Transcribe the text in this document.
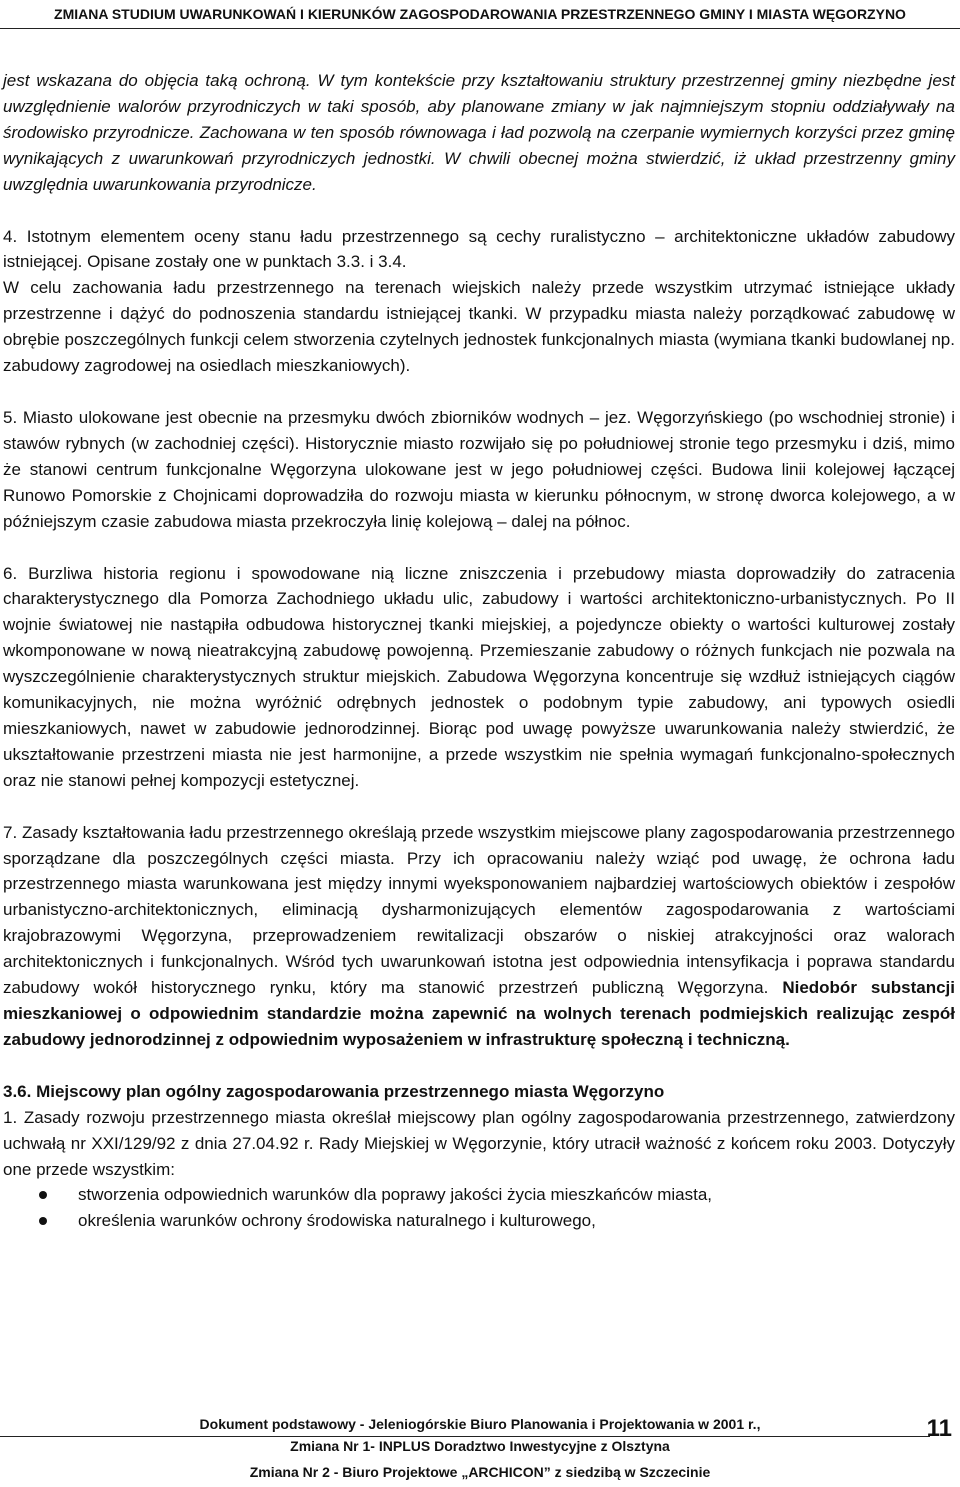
ZMIANA STUDIUM UWARUNKOWAŃ I KIERUNKÓW ZAGOSPODAROWANIA PRZESTRZENNEGO GMINY I MIASTA WĘGORZYNO

jest wskazana do objęcia taką ochroną. W tym kontekście przy kształtowaniu struktury przestrzennej gminy niezbędne jest uwzględnienie walorów przyrodniczych w taki sposób, aby planowane zmiany w jak najmniejszym stopniu oddziaływały na środowisko przyrodnicze. Zachowana w ten sposób równowaga i ład pozwolą na czerpanie wymiernych korzyści przez gminę wynikających z uwarunkowań przyrodniczych jednostki. W chwili obecnej można stwierdzić, iż układ przestrzenny gminy uwzględnia uwarunkowania przyrodnicze.

4. Istotnym elementem oceny stanu ładu przestrzennego są cechy ruralistyczno – architektoniczne układów zabudowy istniejącej. Opisane zostały one w punktach 3.3. i 3.4.

W celu zachowania ładu przestrzennego na terenach wiejskich należy przede wszystkim utrzymać istniejące układy przestrzenne i dążyć do podnoszenia standardu istniejącej tkanki. W przypadku miasta należy porządkować zabudowę w obrębie poszczególnych funkcji celem stworzenia czytelnych jednostek funkcjonalnych miasta (wymiana tkanki budowlanej np. zabudowy zagrodowej na osiedlach mieszkaniowych).

5. Miasto ulokowane jest obecnie na przesmyku dwóch zbiorników wodnych – jez. Węgorzyńskiego (po wschodniej stronie) i stawów rybnych (w zachodniej części). Historycznie miasto rozwijało się po południowej stronie tego przesmyku i dziś, mimo że stanowi centrum funkcjonalne Węgorzyna ulokowane jest w jego południowej części. Budowa linii kolejowej łączącej Runowo Pomorskie z Chojnicami doprowadziła do rozwoju miasta w kierunku północnym, w stronę dworca kolejowego, a w późniejszym czasie zabudowa miasta przekroczyła linię kolejową – dalej na północ.

6. Burzliwa historia regionu i spowodowane nią liczne zniszczenia i przebudowy miasta doprowadziły do zatracenia charakterystycznego dla Pomorza Zachodniego układu ulic, zabudowy i wartości architektoniczno-urbanistycznych. Po II wojnie światowej nie nastąpiła odbudowa historycznej tkanki miejskiej, a pojedyncze obiekty o wartości kulturowej zostały wkomponowane w nową nieatrakcyjną zabudowę powojenną. Przemieszanie zabudowy o różnych funkcjach nie pozwala na wyszczególnienie charakterystycznych struktur miejskich. Zabudowa Węgorzyna koncentruje się wzdłuż istniejących ciągów komunikacyjnych, nie można wyróżnić odrębnych jednostek o podobnym typie zabudowy, ani typowych osiedli mieszkaniowych, nawet w zabudowie jednorodzinnej. Biorąc pod uwagę powyższe uwarunkowania należy stwierdzić, że ukształtowanie przestrzeni miasta nie jest harmonijne, a przede wszystkim nie spełnia wymagań funkcjonalno-społecznych oraz nie stanowi pełnej kompozycji estetycznej.

7. Zasady kształtowania ładu przestrzennego określają przede wszystkim miejscowe plany zagospodarowania przestrzennego sporządzane dla poszczególnych części miasta. Przy ich opracowaniu należy wziąć pod uwagę, że ochrona ładu przestrzennego miasta warunkowana jest między innymi wyeksponowaniem najbardziej wartościowych obiektów i zespołów urbanistyczno-architektonicznych, eliminacją dysharmonizujących elementów zagospodarowania z wartościami krajobrazowymi Węgorzyna, przeprowadzeniem rewitalizacji obszarów o niskiej atrakcyjności oraz walorach architektonicznych i funkcjonalnych. Wśród tych uwarunkowań istotna jest odpowiednia intensyfikacja i poprawa standardu zabudowy wokół historycznego rynku, który ma stanowić przestrzeń publiczną Węgorzyna. Niedobór substancji mieszkaniowej o odpowiednim standardzie można zapewnić na wolnych terenach podmiejskich realizując zespół zabudowy jednorodzinnej z odpowiednim wyposażeniem w infrastrukturę społeczną i techniczną.

3.6. Miejscowy plan ogólny zagospodarowania przestrzennego miasta Węgorzyno

1. Zasady rozwoju przestrzennego miasta określał miejscowy plan ogólny zagospodarowania przestrzennego, zatwierdzony uchwałą nr XXI/129/92 z dnia 27.04.92 r. Rady Miejskiej w Węgorzynie, który utracił ważność z końcem roku 2003. Dotyczyły one przede wszystkim:

stworzenia odpowiednich warunków dla poprawy jakości życia mieszkańców miasta,
określenia warunków ochrony środowiska naturalnego i kulturowego,
Dokument podstawowy - Jeleniogórskie Biuro Planowania i Projektowania w 2001 r.,
Zmiana Nr 1- INPLUS Doradztwo Inwestycyjne z Olsztyna
Zmiana Nr 2 - Biuro Projektowe „ARCHICON” z siedzibą w Szczecinie
11
